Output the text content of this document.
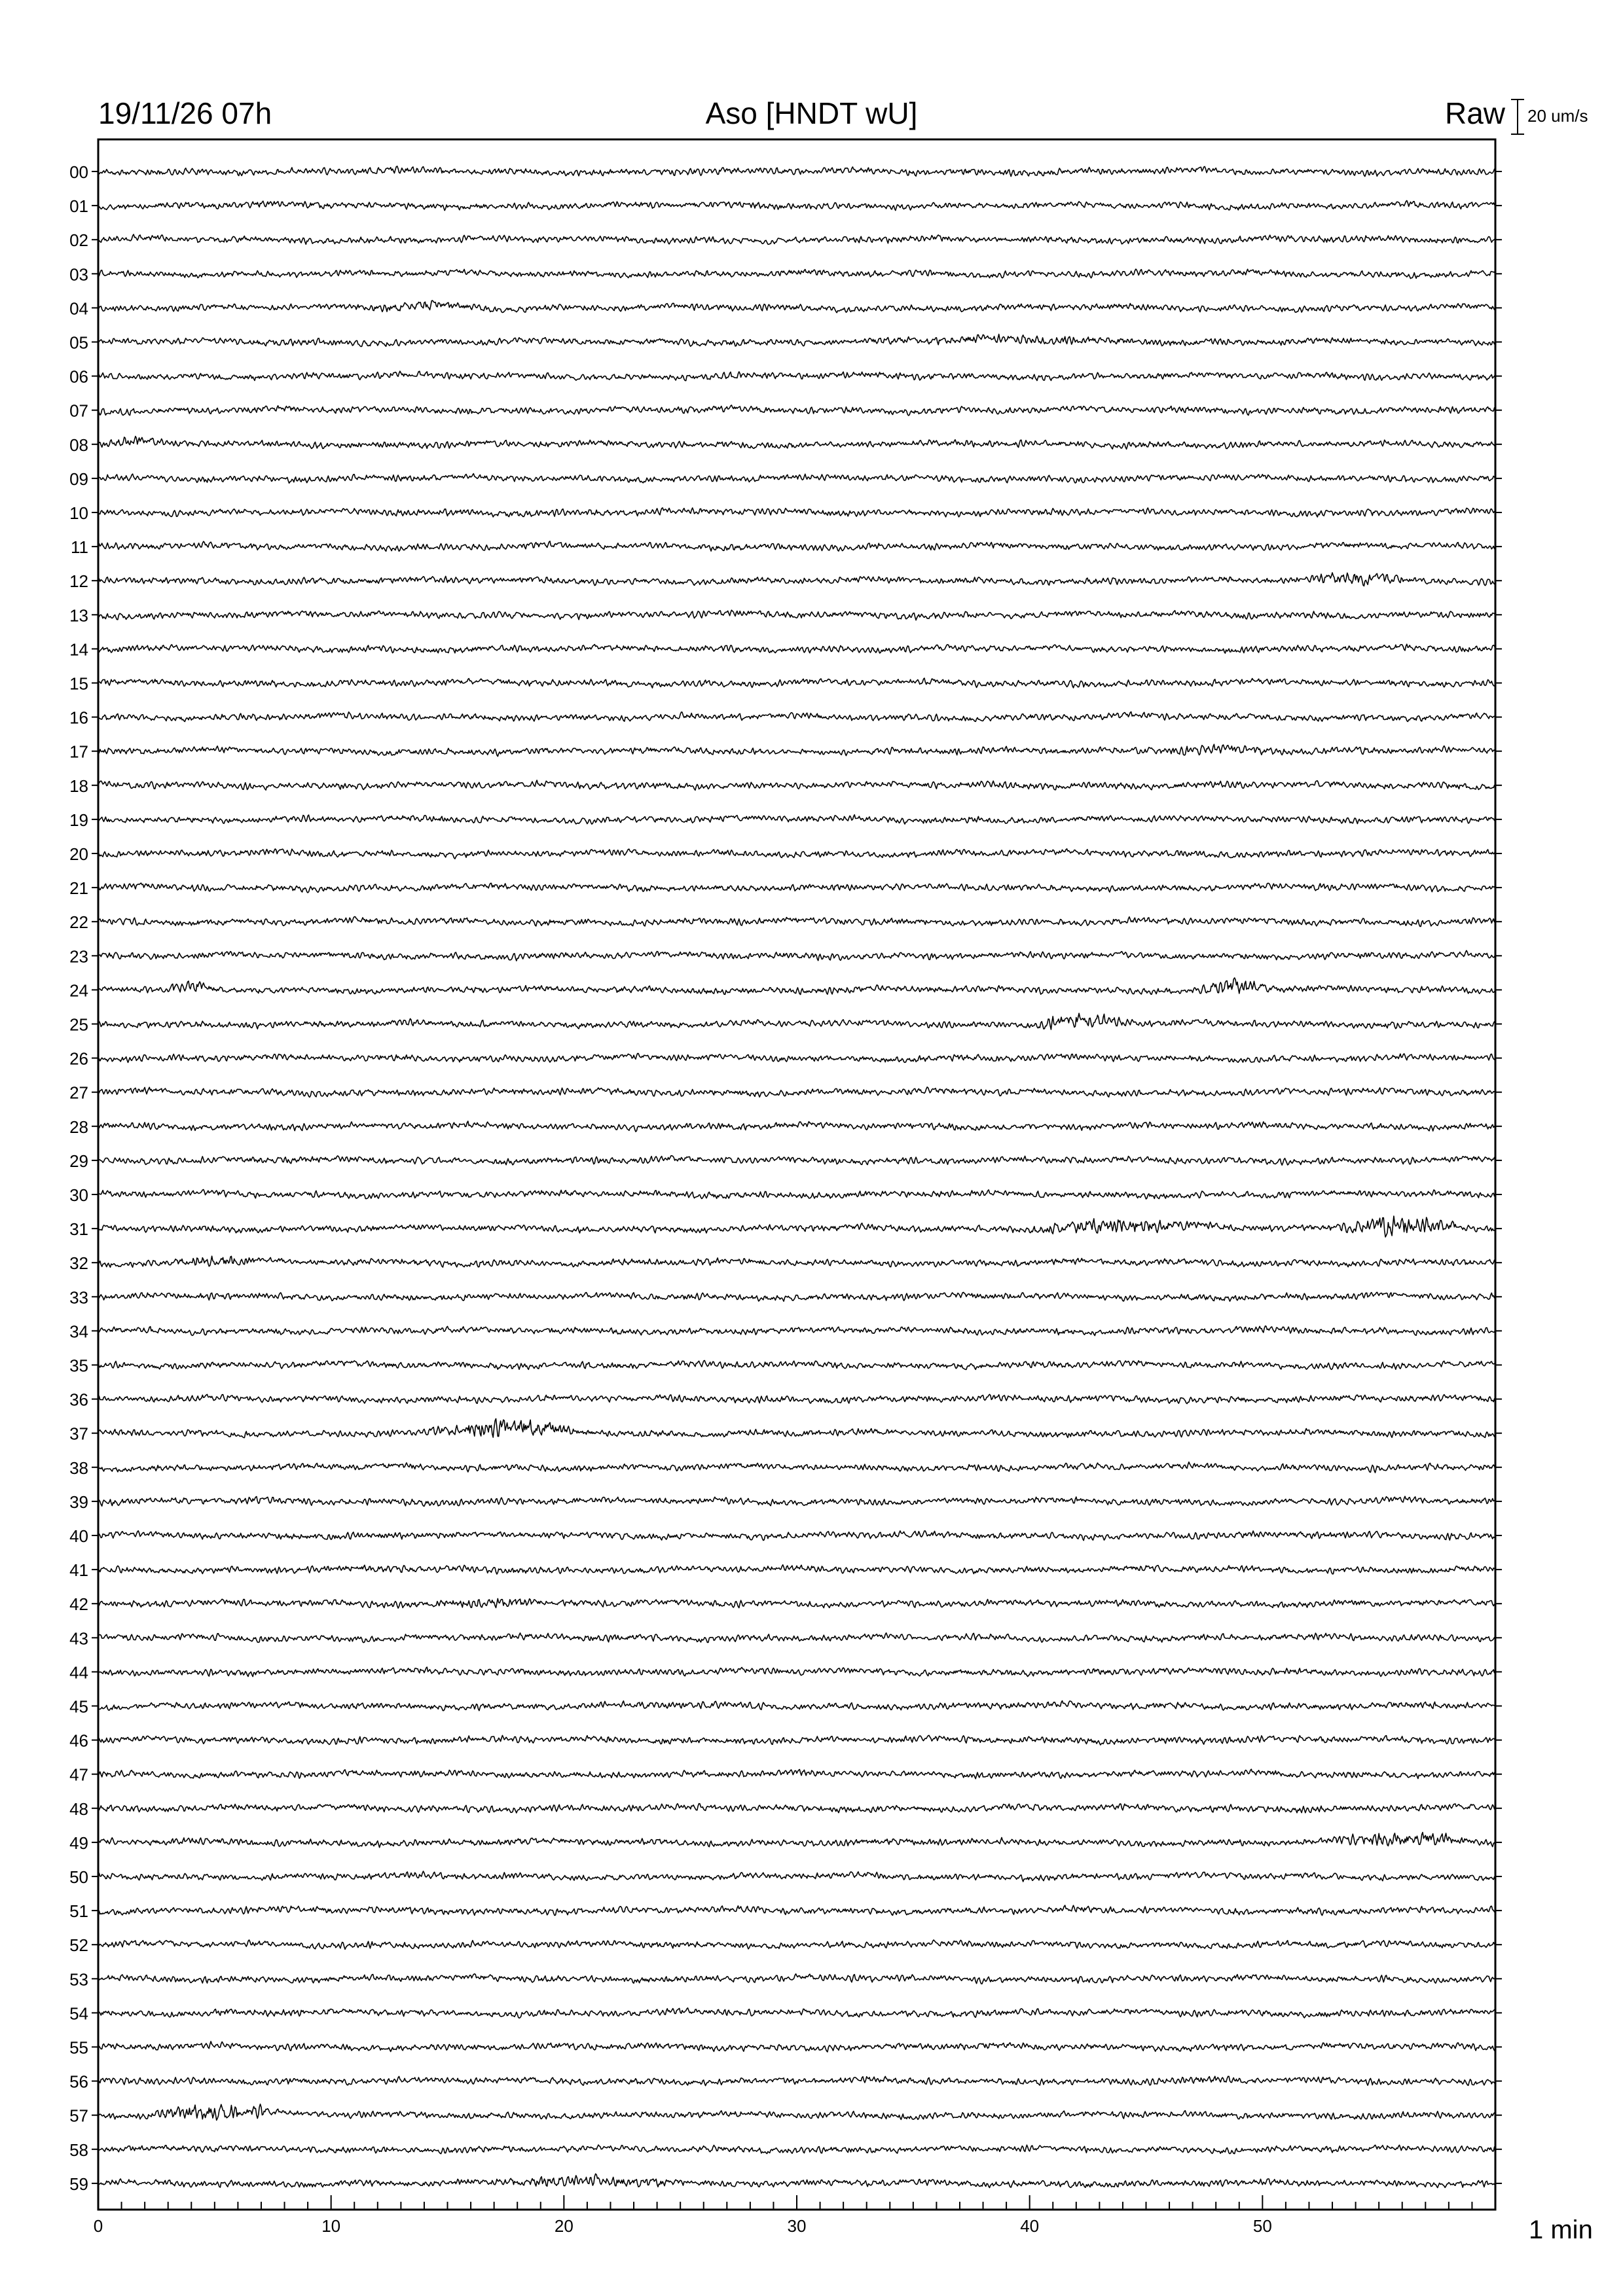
00
01
02
03
04
05
06
07
08
09
10
11
12
13
14
15
16
17
18
19
20
21
22
23
24
25
26
27
28
29
30
31
32
33
34
35
36
37
38
39
40
41
42
43
44
45
46
47
48
49
50
51
52
53
54
55
56
57
58
59
0	10	20	30	40	50
19/11/26 07h	Aso [HNDT wU]	Raw 20 um/s
1 min
